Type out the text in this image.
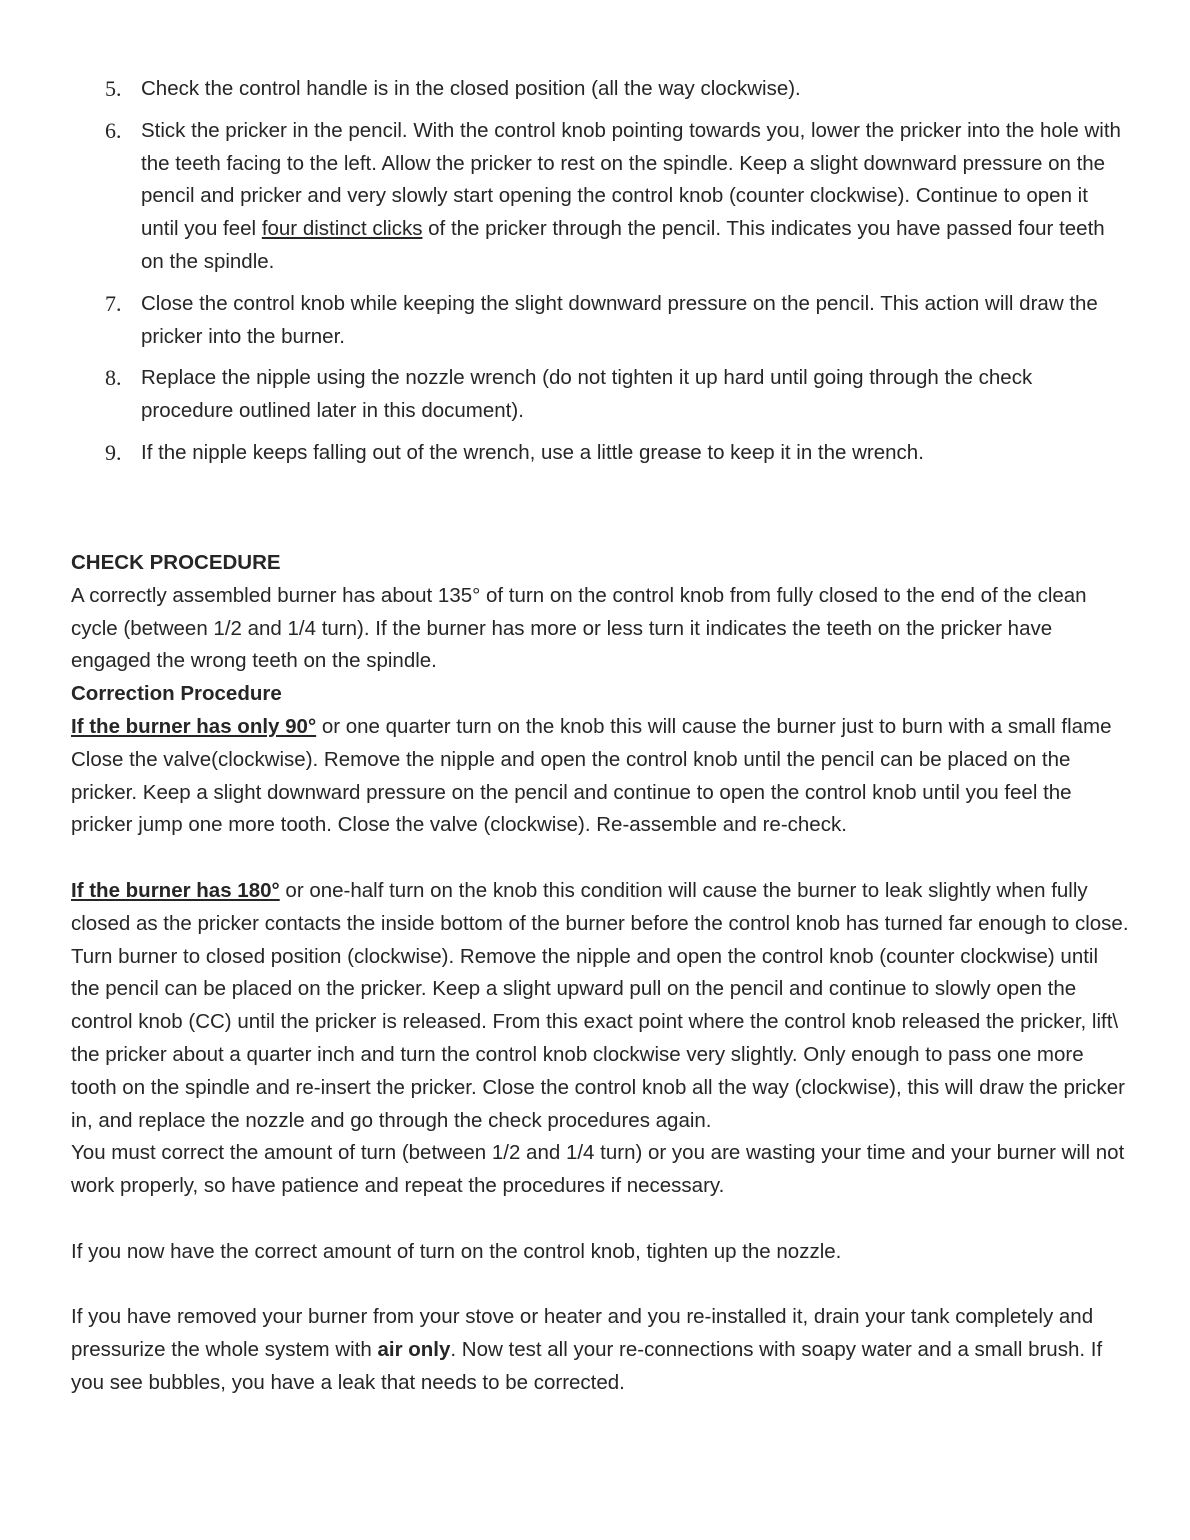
5. Check the control handle is in the closed position (all the way clockwise).
6. Stick the pricker in the pencil. With the control knob pointing towards you, lower the pricker into the hole with the teeth facing to the left. Allow the pricker to rest on the spindle. Keep a slight downward pressure on the pencil and pricker and very slowly start opening the control knob (counter clockwise). Continue to open it until you feel four distinct clicks of the pricker through the pencil. This indicates you have passed four teeth on the spindle.
7. Close the control knob while keeping the slight downward pressure on the pencil. This action will draw the pricker into the burner.
8. Replace the nipple using the nozzle wrench (do not tighten it up hard until going through the check procedure outlined later in this document).
9. If the nipple keeps falling out of the wrench, use a little grease to keep it in the wrench.

CHECK PROCEDURE

A correctly assembled burner has about 135° of turn on the control knob from fully closed to the end of the clean cycle (between 1/2 and 1/4 turn). If the burner has more or less turn it indicates the teeth on the pricker have engaged the wrong teeth on the spindle.

Correction Procedure

If the burner has only 90° or one quarter turn on the knob this will cause the burner just to burn with a small flame

Close the valve(clockwise). Remove the nipple and open the control knob until the pencil can be placed on the pricker. Keep a slight downward pressure on the pencil and continue to open the control knob until you feel the pricker jump one more tooth. Close the valve (clockwise). Re-assemble and re-check.

If the burner has 180° or one-half turn on the knob this condition will cause the burner to leak slightly when fully closed as the pricker contacts the inside bottom of the burner before the control knob has turned far enough to close.

Turn burner to closed position (clockwise). Remove the nipple and open the control knob (counter clockwise) until the pencil can be placed on the pricker. Keep a slight upward pull on the pencil and continue to slowly open the control knob (CC) until the pricker is released. From this exact point where the control knob released the pricker, lift\ the pricker about a quarter inch and turn the control knob clockwise very slightly. Only enough to pass one more tooth on the spindle and re-insert the pricker. Close the control knob all the way (clockwise), this will draw the pricker in, and replace the nozzle and go through the check procedures again.

You must correct the amount of turn (between 1/2 and 1/4 turn) or you are wasting your time and your burner will not work properly, so have patience and repeat the procedures if necessary.

If you now have the correct amount of turn on the control knob, tighten up the nozzle.

If you have removed your burner from your stove or heater and you re-installed it, drain your tank completely and pressurize the whole system with air only. Now test all your re-connections with soapy water and a small brush. If you see bubbles, you have a leak that needs to be corrected.
